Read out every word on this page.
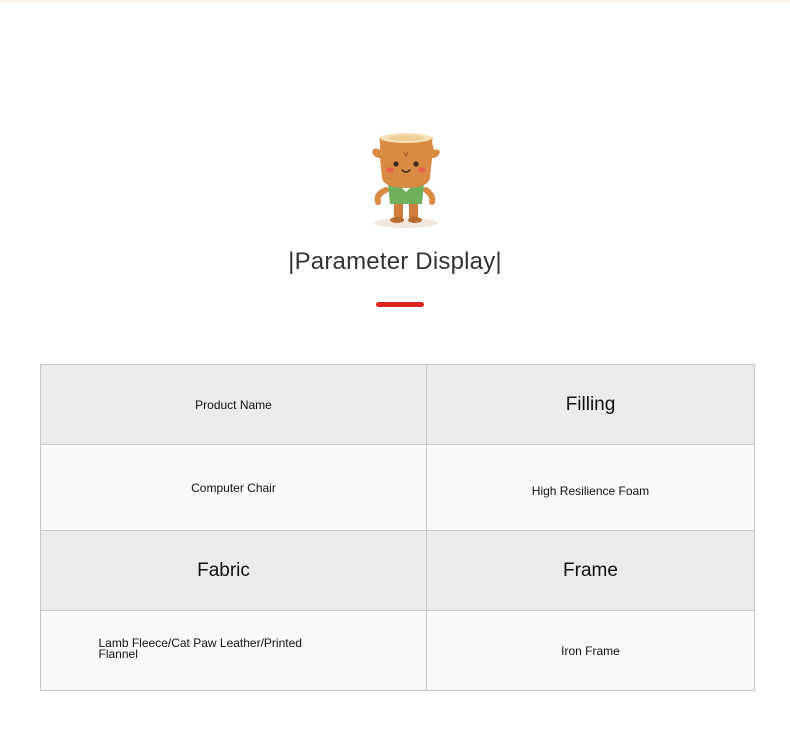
|Parameter Display|
Product Name	Filling
Computer Chair	High Resilience Foam
Fabric	Frame
Lamb Fleece/Cat Paw Leather/Printed Flannel	Iron Frame
